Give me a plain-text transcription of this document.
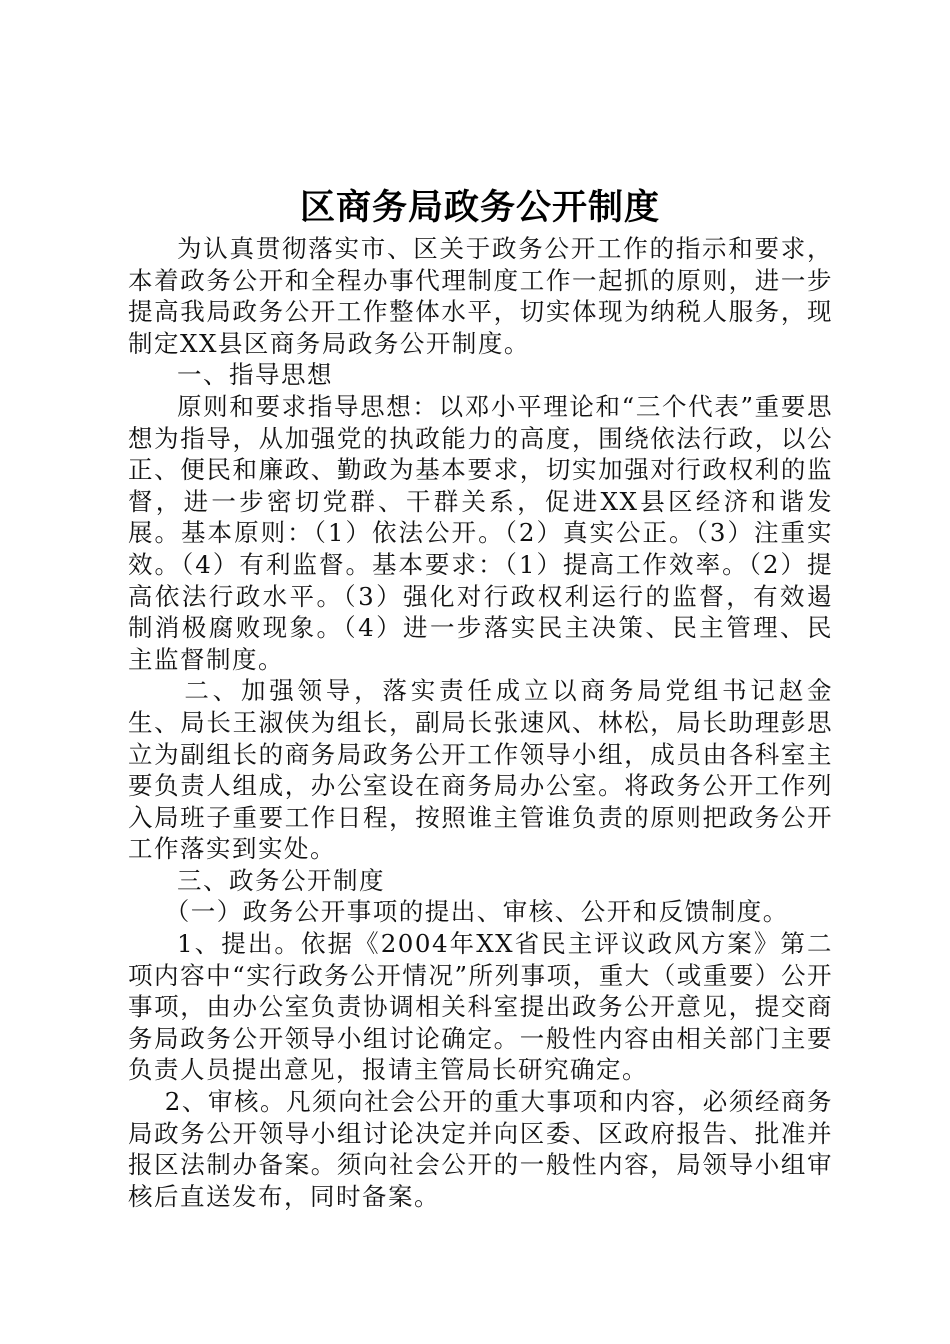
区商务局政务公开制度

为认真贯彻落实市、区关于政务公开工作的指示和要求，本着政务公开和全程办事代理制度工作一起抓的原则，进一步提高我局政务公开工作整体水平，切实体现为纳税人服务，现制定XX县区商务局政务公开制度。

一、指导思想

原则和要求指导思想：以邓小平理论和“三个代表”重要思想为指导，从加强党的执政能力的高度，围绕依法行政，以公正、便民和廉政、勤政为基本要求，切实加强对行政权利的监督，进一步密切党群、干群关系，促进XX县区经济和谐发展。基本原则：（1）依法公开。（2）真实公正。（3）注重实效。（4）有利监督。基本要求：（1）提高工作效率。（2）提高依法行政水平。（3）强化对行政权利运行的监督，有效遏制消极腐败现象。（4）进一步落实民主决策、民主管理、民主监督制度。

二、加强领导，落实责任成立以商务局党组书记赵金生、局长王淑侠为组长，副局长张速风、林松，局长助理彭思立为副组长的商务局政务公开工作领导小组，成员由各科室主要负责人组成，办公室设在商务局办公室。将政务公开工作列入局班子重要工作日程，按照谁主管谁负责的原则把政务公开工作落实到实处。

三、政务公开制度

（一）政务公开事项的提出、审核、公开和反馈制度。

1、提出。依据《2004年XX省民主评议政风方案》第二项内容中“实行政务公开情况”所列事项，重大（或重要）公开事项，由办公室负责协调相关科室提出政务公开意见，提交商务局政务公开领导小组讨论确定。一般性内容由相关部门主要负责人员提出意见，报请主管局长研究确定。

2、审核。凡须向社会公开的重大事项和内容，必须经商务局政务公开领导小组讨论决定并向区委、区政府报告、批准并报区法制办备案。须向社会公开的一般性内容，局领导小组审核后直送发布，同时备案。
